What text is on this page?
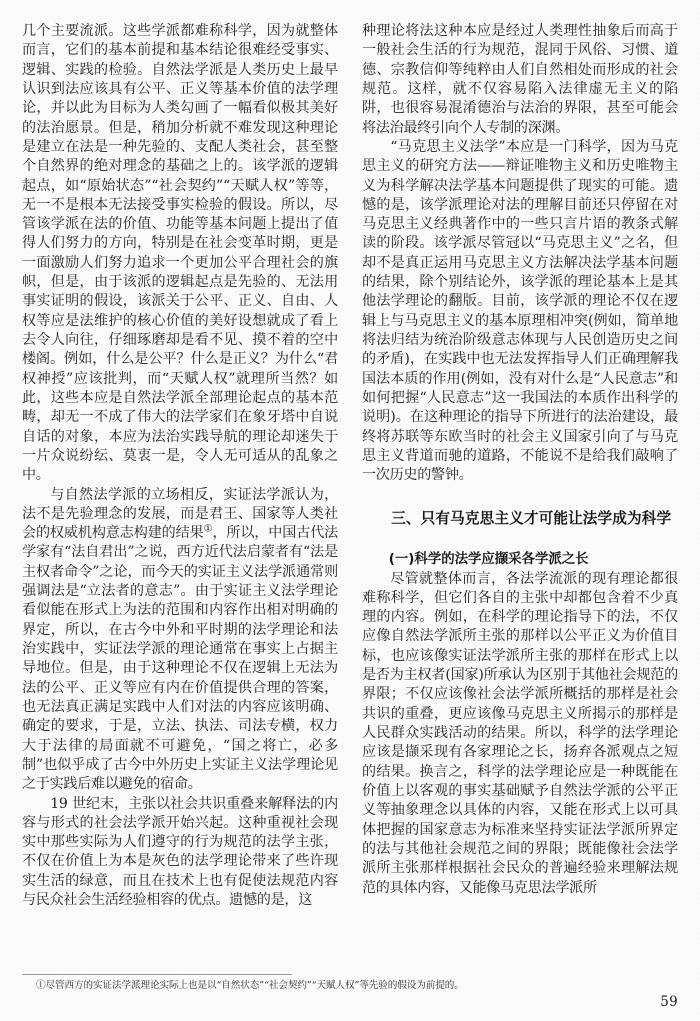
几个主要流派。这些学派都难称科学，因为就整体而言，它们的基本前提和基本结论很难经受事实、逻辑、实践的检验。自然法学派是人类历史上最早认识到法应该具有公平、正义等基本价值的法学理论，并以此为目标为人类勾画了一幅看似极其美好的法治愿景。但是，稍加分析就不难发现这种理论是建立在法是一种先验的、支配人类社会，甚至整个自然界的绝对理念的基础之上的。该学派的逻辑起点，如“原始状态”“社会契约”“天赋人权”等等，无一不是根本无法接受事实检验的假设。所以，尽管该学派在法的价值、功能等基本问题上提出了值得人们努力的方向，特别是在社会变革时期，更是一面激励人们努力追求一个更加公平合理社会的旗帜，但是，由于该派的逻辑起点是先验的、无法用事实证明的假设，该派关于公平、正义、自由、人权等应是法维护的核心价值的美好设想就成了看上去令人向往，仔细琢磨却是看不见、摸不着的空中楼阁。例如，什么是公平？什么是正义？为什么“君权神授”应该批判，而“天赋人权”就理所当然？如此，这些本应是自然法学派全部理论起点的基本范畴，却无一不成了伟大的法学家们在象牙塔中自说自话的对象，本应为法治实践导航的理论却迷失于一片众说纷纭、莫衷一是，令人无可适从的乱象之中。

与自然法学派的立场相反，实证法学派认为，法不是先验理念的发展，而是君王、国家等人类社会的权威机构意志构建的结果①，所以，中国古代法学家有“法自君出”之说，西方近代法启蒙者有“法是主权者命令”之论，而今天的实证主义法学派通常则强调法是“立法者的意志”。由于实证主义法学理论看似能在形式上为法的范围和内容作出相对明确的界定，所以，在古今中外和平时期的法学理论和法治实践中，实证法学派的理论通常在事实上占据主导地位。但是，由于这种理论不仅在逻辑上无法为法的公平、正义等应有内在价值提供合理的答案，也无法真正满足实践中人们对法的内容应该明确、确定的要求，于是，立法、执法、司法专横，权力大于法律的局面就不可避免，“国之将亡，必多制”也似乎成了古今中外历史上实证主义法学理论见之于实践后难以避免的宿命。

19 世纪末，主张以社会共识重叠来解释法的内容与形式的社会法学派开始兴起。这种重视社会现实中那些实际为人们遵守的行为规范的法学主张，不仅在价值上为本是灰色的法学理论带来了些许现实生活的绿意，而且在技术上也有促使法规范内容与民众社会生活经验相容的优点。遗憾的是，这

种理论将法这种本应是经过人类理性抽象后而高于一般社会生活的行为规范，混同于风俗、习惯、道德、宗教信仰等纯粹由人们自然相处而形成的社会规范。这样，就不仅容易陷入法律虚无主义的陷阱，也很容易混淆德治与法治的界限，甚至可能会将法治最终引向个人专制的深渊。

“马克思主义法学”本应是一门科学，因为马克思主义的研究方法——辩证唯物主义和历史唯物主义为科学解决法学基本问题提供了现实的可能。遗憾的是，该学派理论对法的理解目前还只停留在对马克思主义经典著作中的一些只言片语的教条式解读的阶段。该学派尽管冠以“马克思主义”之名，但却不是真正运用马克思主义方法解决法学基本问题的结果，除个别结论外，该学派的理论基本上是其他法学理论的翻版。目前，该学派的理论不仅在逻辑上与马克思主义的基本原理相冲突(例如，简单地将法归结为统治阶级意志体现与人民创造历史之间的矛盾)，在实践中也无法发挥指导人们正确理解我国法本质的作用(例如，没有对什么是“人民意志”和如何把握“人民意志”这一我国法的本质作出科学的说明)。在这种理论的指导下所进行的法治建设，最终将苏联等东欧当时的社会主义国家引向了与马克思主义背道而驰的道路，不能说不是给我们敲响了一次历史的警钟。

三、只有马克思主义才可能让法学成为科学
(一)科学的法学应撷采各学派之长

尽管就整体而言，各法学流派的现有理论都很难称科学，但它们各自的主张中却都包含着不少真理的内容。例如，在科学的理论指导下的法，不仅应像自然法学派所主张的那样以公平正义为价值目标，也应该像实证法学派所主张的那样在形式上以是否为主权者(国家)所承认为区别于其他社会规范的界限；不仅应该像社会法学派所概括的那样是社会共识的重叠，更应该像马克思主义所揭示的那样是人民群众实践活动的结果。所以，科学的法学理论应该是撷采现有各家理论之长，扬弃各派观点之短的结果。换言之，科学的法学理论应是一种既能在价值上以客观的事实基础赋予自然法学派的公平正义等抽象理念以具体的内容，又能在形式上以可具体把握的国家意志为标准来坚持实证法学派所界定的法与其他社会规范之间的界限；既能像社会法学派所主张那样根据社会民众的普遍经验来理解法规范的具体内容，又能像马克思法学派所

①尽管西方的实证法学派理论实际上也是以“自然状态”“社会契约”“天赋人权”等先验的假设为前提的。

59
